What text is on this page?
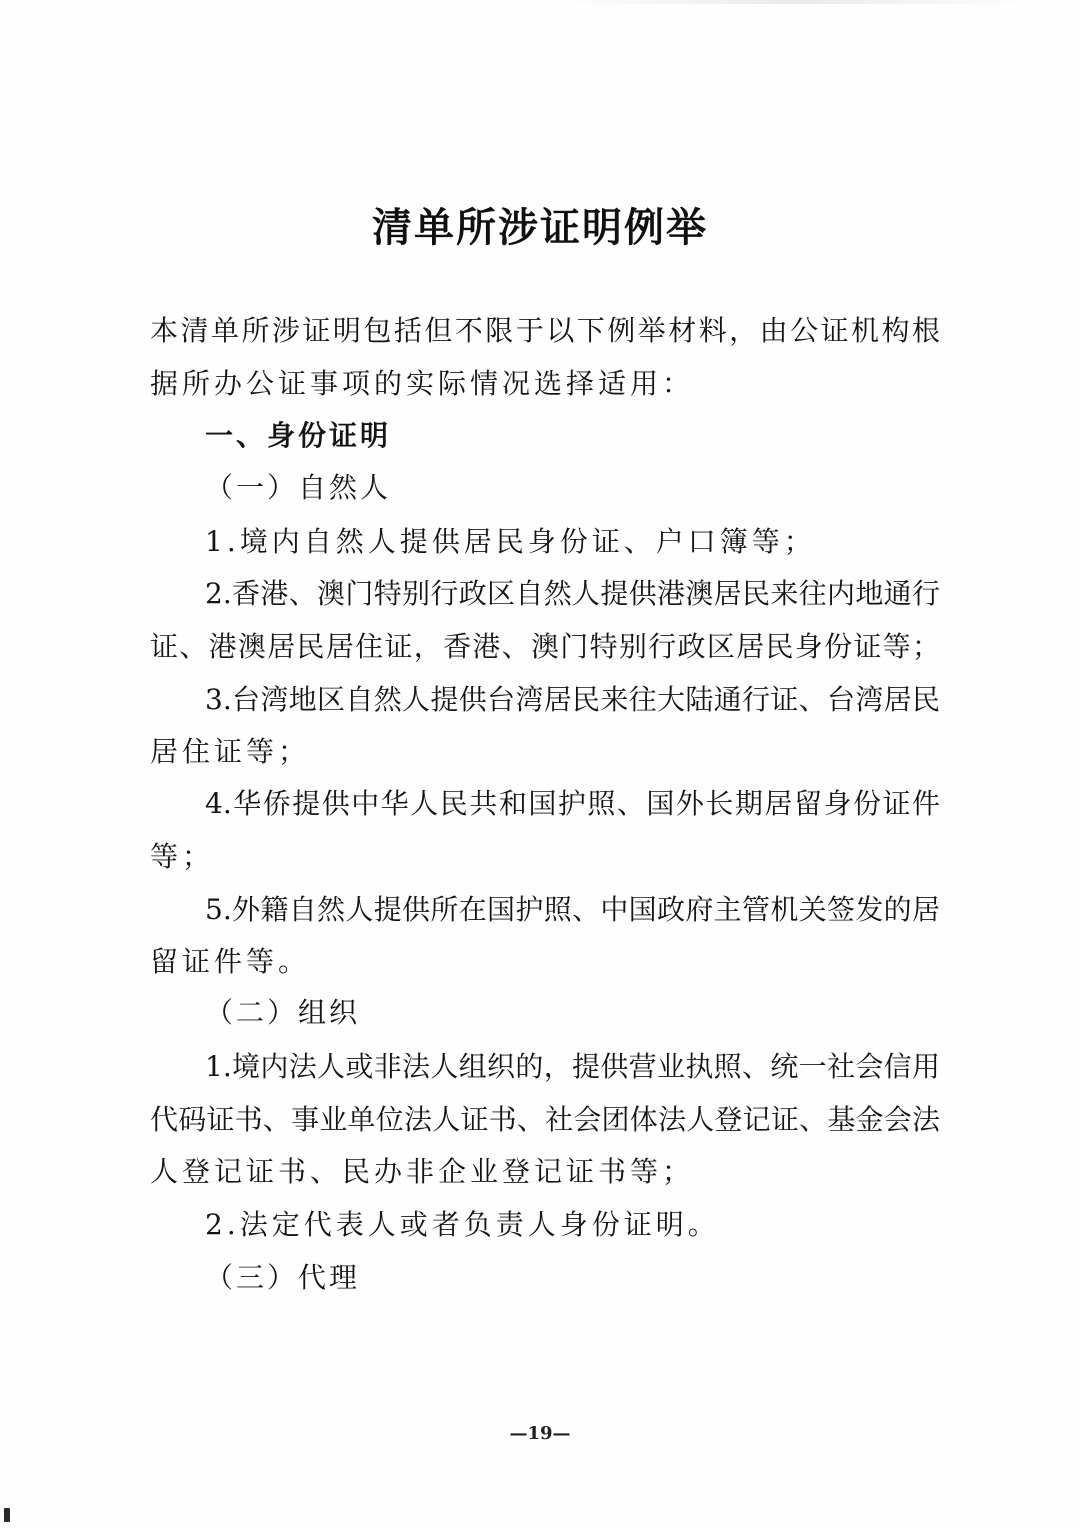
清单所涉证明例举
本清单所涉证明包括但不限于以下例举材料，由公证机构根
据所办公证事项的实际情况选择适用：
一、身份证明
（一）自然人
1.境内自然人提供居民身份证、户口簿等；
2.香港、澳门特别行政区自然人提供港澳居民来往内地通行
证、港澳居民居住证，香港、澳门特别行政区居民身份证等；
3.台湾地区自然人提供台湾居民来往大陆通行证、台湾居民
居住证等；
4.华侨提供中华人民共和国护照、国外长期居留身份证件
等；
5.外籍自然人提供所在国护照、中国政府主管机关签发的居
留证件等。
（二）组织
1.境内法人或非法人组织的，提供营业执照、统一社会信用
代码证书、事业单位法人证书、社会团体法人登记证、基金会法
人登记证书、民办非企业登记证书等；
2.法定代表人或者负责人身份证明。
（三）代理
—19—
